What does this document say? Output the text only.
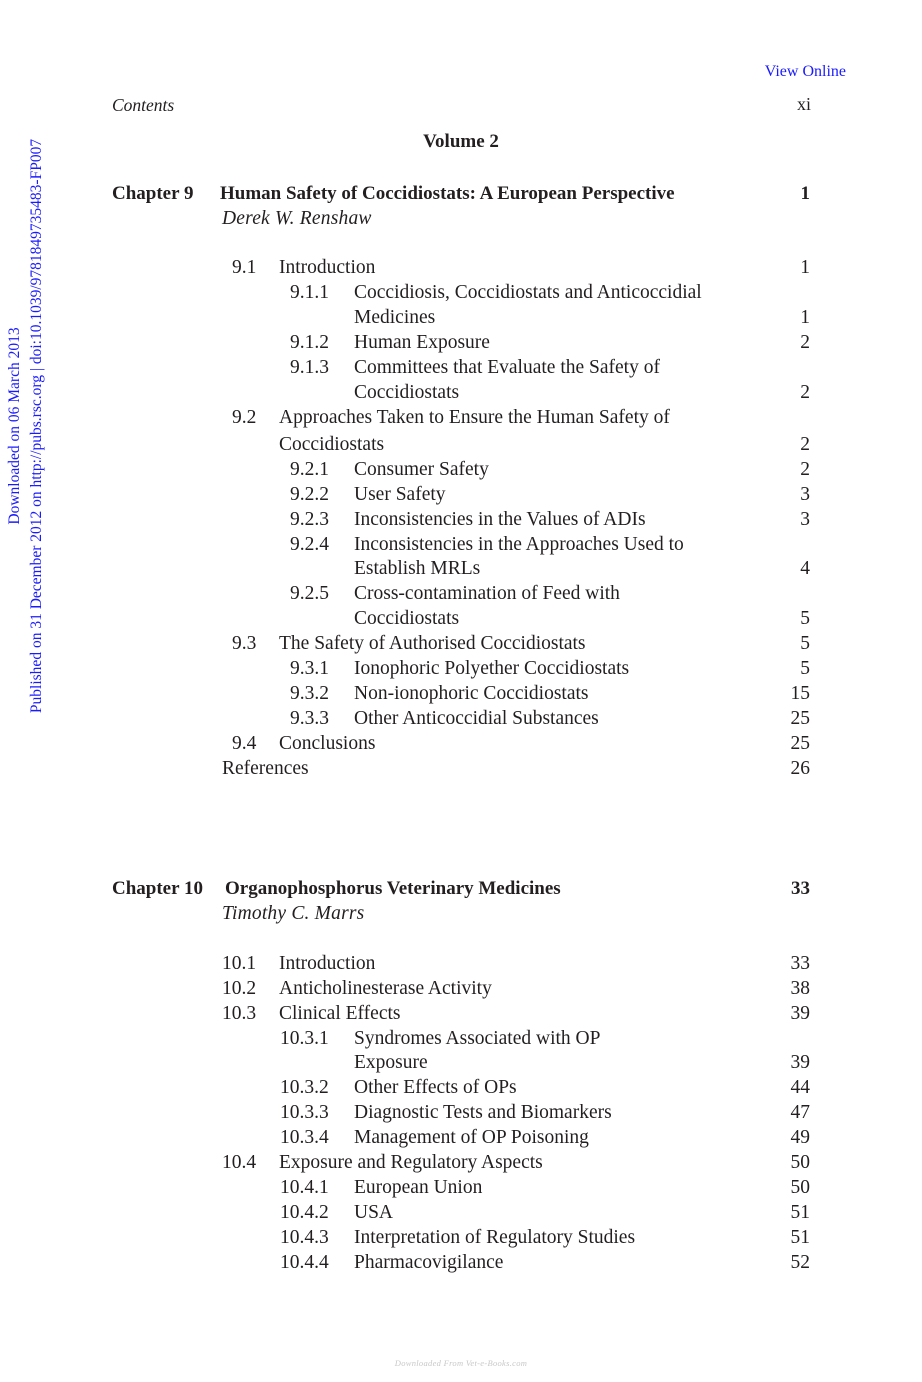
View Online
Contents	xi
Volume 2
Downloaded on 06 March 2013 Published on 31 December 2012 on http://pubs.rsc.org | doi:10.1039/9781849735483-FP007	Chapter 9 Human Safety of Coccidiostats: A European Perspective	1
Derek W. Renshaw
9.1 Introduction	1
9.1.1 Coccidiosis, Coccidiostats and Anticoccidial
Medicines	1
9.1.2 Human Exposure	2
9.1.3 Committees that Evaluate the Safety of
Coccidiostats	2
9.2 Approaches Taken to Ensure the Human Safety of
Coccidiostats	2
9.2.1 Consumer Safety	2
9.2.2 User Safety	3
9.2.3 Inconsistencies in the Values of ADIs	3
9.2.4 Inconsistencies in the Approaches Used to
Establish MRLs	4
9.2.5 Cross-contamination of Feed with
Coccidiostats	5
9.3 The Safety of Authorised Coccidiostats	5
9.3.1 Ionophoric Polyether Coccidiostats	5
9.3.2 Non-ionophoric Coccidiostats	15
9.3.3 Other Anticoccidial Substances	25
9.4 Conclusions	25
References	26
Chapter 10 Organophosphorus Veterinary Medicines	33
Timothy C. Marrs
10.1 Introduction	33
10.2 Anticholinesterase Activity	38
10.3 Clinical Effects	39
10.3.1 Syndromes Associated with OP
Exposure	39
10.3.2 Other Effects of OPs	44
10.3.3 Diagnostic Tests and Biomarkers	47
10.3.4 Management of OP Poisoning	49
10.4 Exposure and Regulatory Aspects	50
10.4.1 European Union	50
10.4.2 USA	51
10.4.3 Interpretation of Regulatory Studies	51
10.4.4 Pharmacovigilance	52
Downloaded From Vet-e-Books.com
